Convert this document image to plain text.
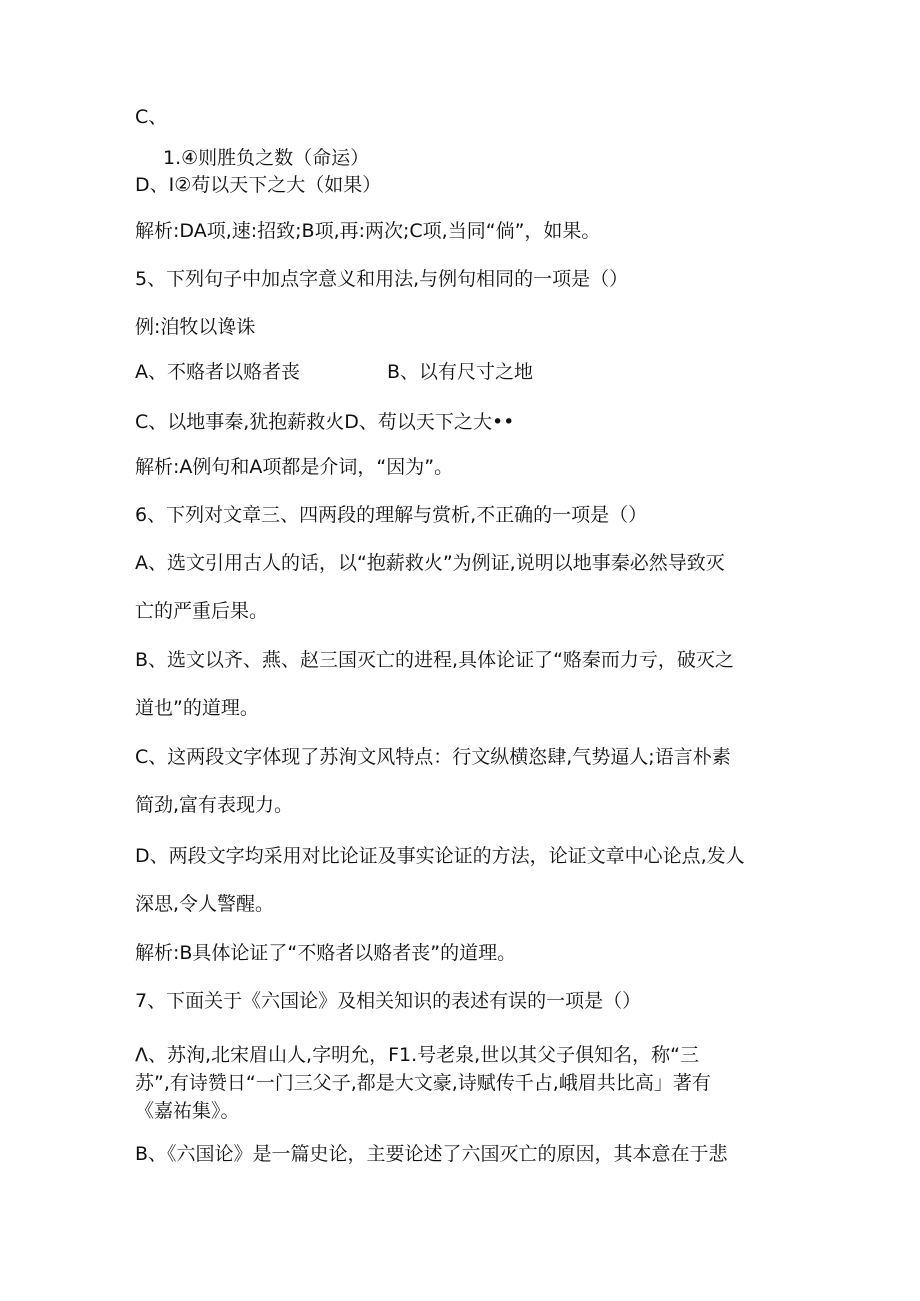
C、

1.④则胜负之数（命运）

D、I②苟以天下之大（如果）

解析:DA项,速:招致;B项,再:两次;C项,当同“倘”，如果。

5、下列句子中加点字意义和用法,与例句相同的一项是（）

例:洎牧以谗诛

A、不赂者以赂者丧	B、以有尺寸之地

C、以地事秦,犹抱薪救火D、苟以天下之大••

解析:A例句和A项都是介词，“因为”。

6、下列对文章三、四两段的理解与赏析,不正确的一项是（）

A、选文引用古人的话，以“抱薪救火”为例证,说明以地事秦必然导致灭

亡的严重后果。

B、选文以齐、燕、赵三国灭亡的进程,具体论证了“赂秦而力亏，破灭之

道也”的道理。

C、这两段文字体现了苏洵文风特点：行文纵横恣肆,气势逼人;语言朴素

简劲,富有表现力。

D、两段文字均采用对比论证及事实论证的方法，论证文章中心论点,发人

深思,令人警醒。

解析:B具体论证了“不赂者以赂者丧”的道理。

7、下面关于《六国论》及相关知识的表述有误的一项是（）

Λ、苏洵,北宋眉山人,字明允，F1.号老泉,世以其父子俱知名，称“三

苏”,有诗赞日“一门三父子,都是大文豪,诗赋传千占,峨眉共比高」著有

《嘉祐集》。

B、《六国论》是一篇史论，主要论述了六国灭亡的原因，其本意在于悲
